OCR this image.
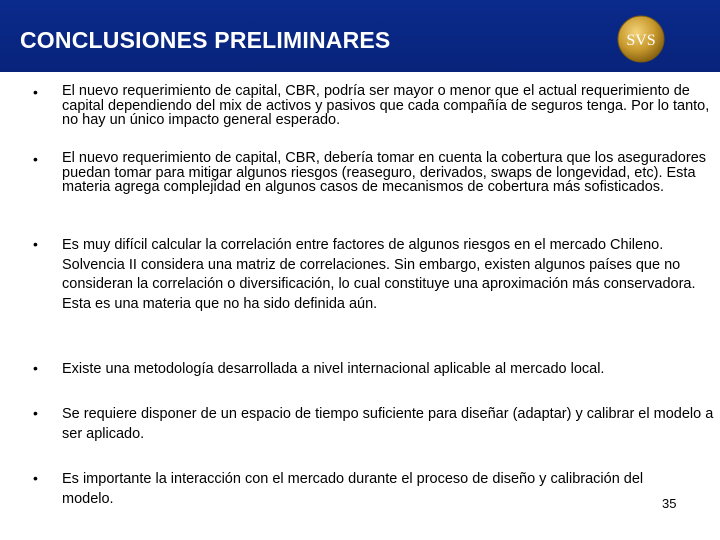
CONCLUSIONES PRELIMINARES	SVS
• El nuevo requerimiento de capital, CBR, podría ser mayor o menor que el actual requerimiento de capital dependiendo del mix de activos y pasivos que cada compañía de seguros tenga. Por lo tanto, no hay un único impacto general esperado.
• El nuevo requerimiento de capital, CBR, debería tomar en cuenta la cobertura que los aseguradores puedan tomar para mitigar algunos riesgos (reaseguro, derivados, swaps de longevidad, etc). Esta materia agrega complejidad en algunos casos de mecanismos de cobertura más sofisticados.
• Es muy difícil calcular la correlación entre factores de algunos riesgos en el mercado Chileno. Solvencia II considera una matriz de correlaciones. Sin embargo, existen algunos países que no consideran la correlación o diversificación, lo cual constituye una aproximación más conservadora. Esta es una materia que no ha sido definida aún.
• Existe una metodología desarrollada a nivel internacional aplicable al mercado local.
• Se requiere disponer de un espacio de tiempo suficiente para diseñar (adaptar) y calibrar el modelo a ser aplicado.
• Es importante la interacción con el mercado durante el proceso de diseño y calibración del modelo.	35
